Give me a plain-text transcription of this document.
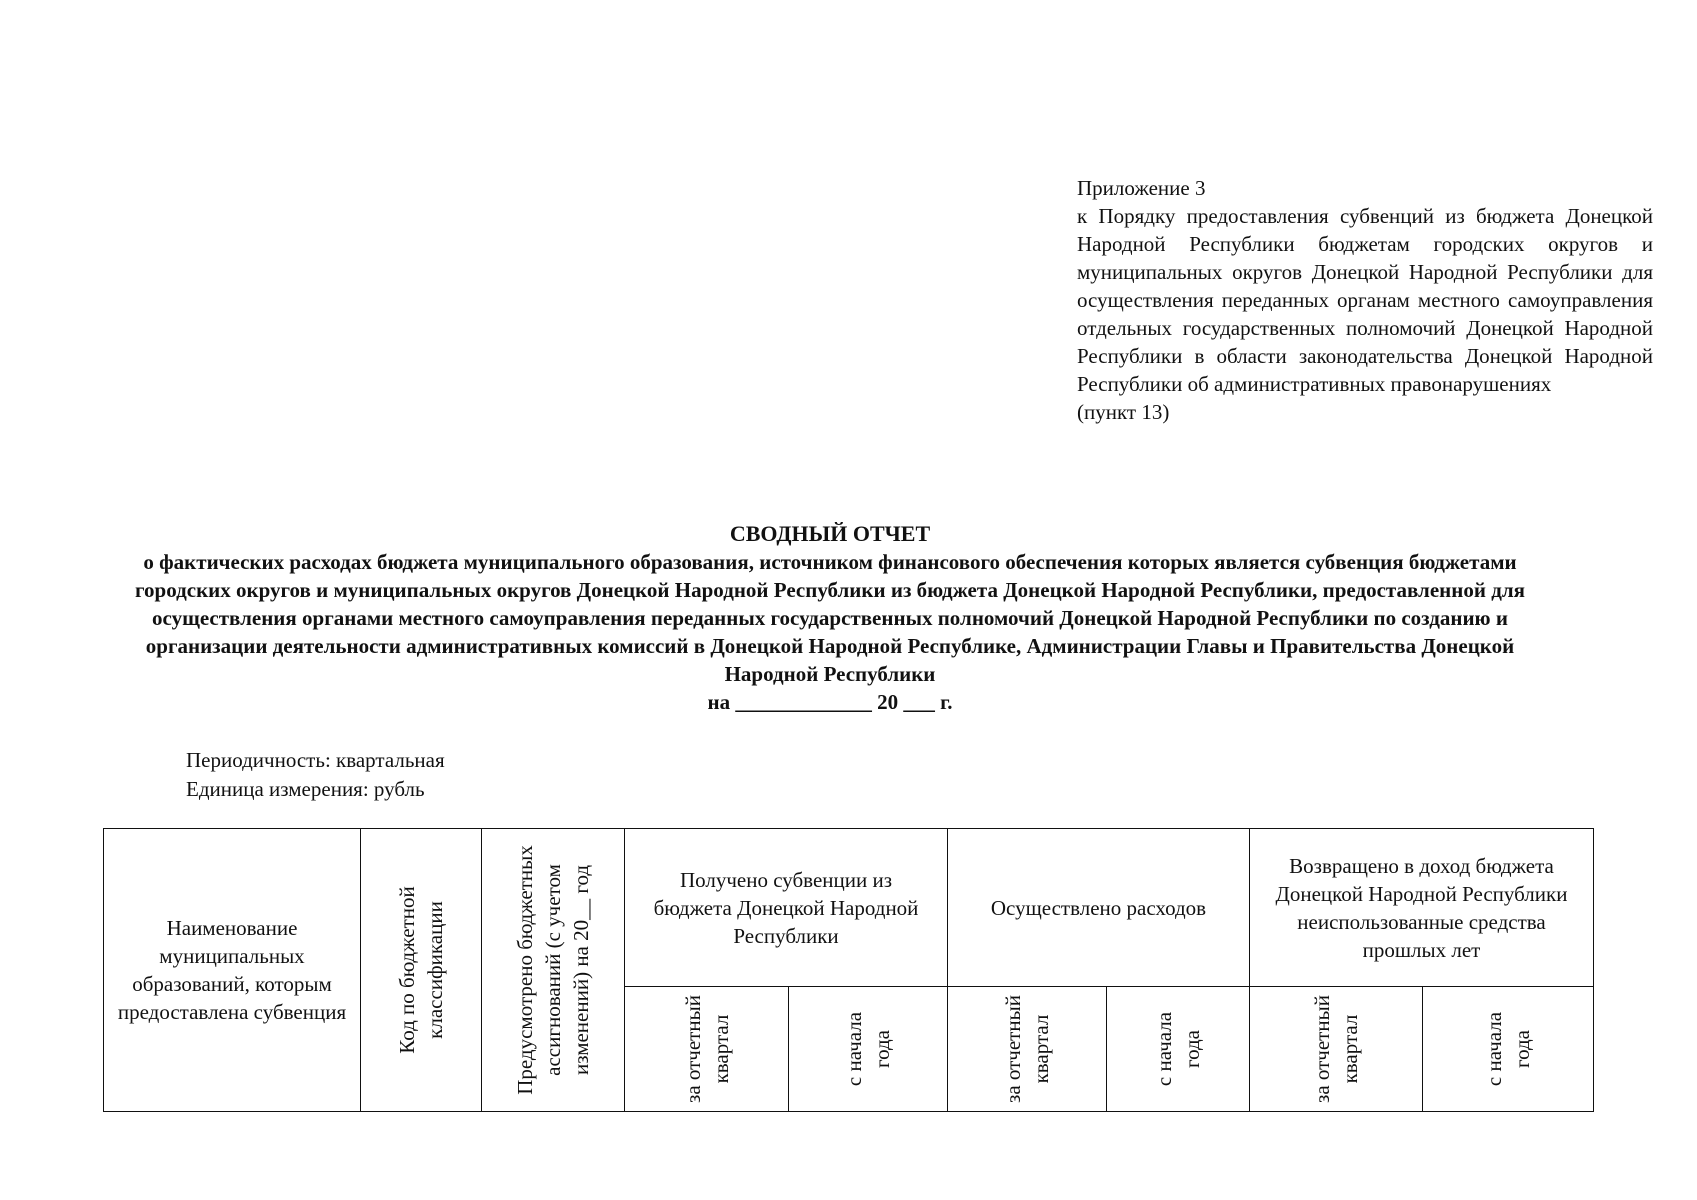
Приложение 3
к Порядку предоставления субвенций из бюджета Донецкой Народной Республики бюджетам городских округов и муниципальных округов Донецкой Народной Республики для осуществления переданных органам местного самоуправления отдельных государственных полномочий Донецкой Народной Республики в области законодательства Донецкой Народной Республики об административных правонарушениях
(пункт 13)
СВОДНЫЙ ОТЧЕТ
о фактических расходах бюджета муниципального образования, источником финансового обеспечения которых является субвенция бюджетами городских округов и муниципальных округов Донецкой Народной Республики из бюджета Донецкой Народной Республики, предоставленной для осуществления органами местного самоуправления переданных государственных полномочий Донецкой Народной Республики по созданию и организации деятельности административных комиссий в Донецкой Народной Республике, Администрации Главы и Правительства Донецкой Народной Республики
на _____________ 20 ___ г.
Периодичность: квартальная
Единица измерения: рубль
Наименование муниципальных образований, которым предоставлена субвенция	Код по бюджетной классификации	Предусмотрено бюджетных ассигнований (с учетом изменений) на 20__ год	Получено субвенции из бюджета Донецкой Народной Республики		Осуществлено расходов		Возвращено в доход бюджета Донецкой Народной Республики неиспользованные средства прошлых лет	

			за отчетный квартал	с начала года	за отчетный квартал	с начала года	за отчетный квартал	с начала года
